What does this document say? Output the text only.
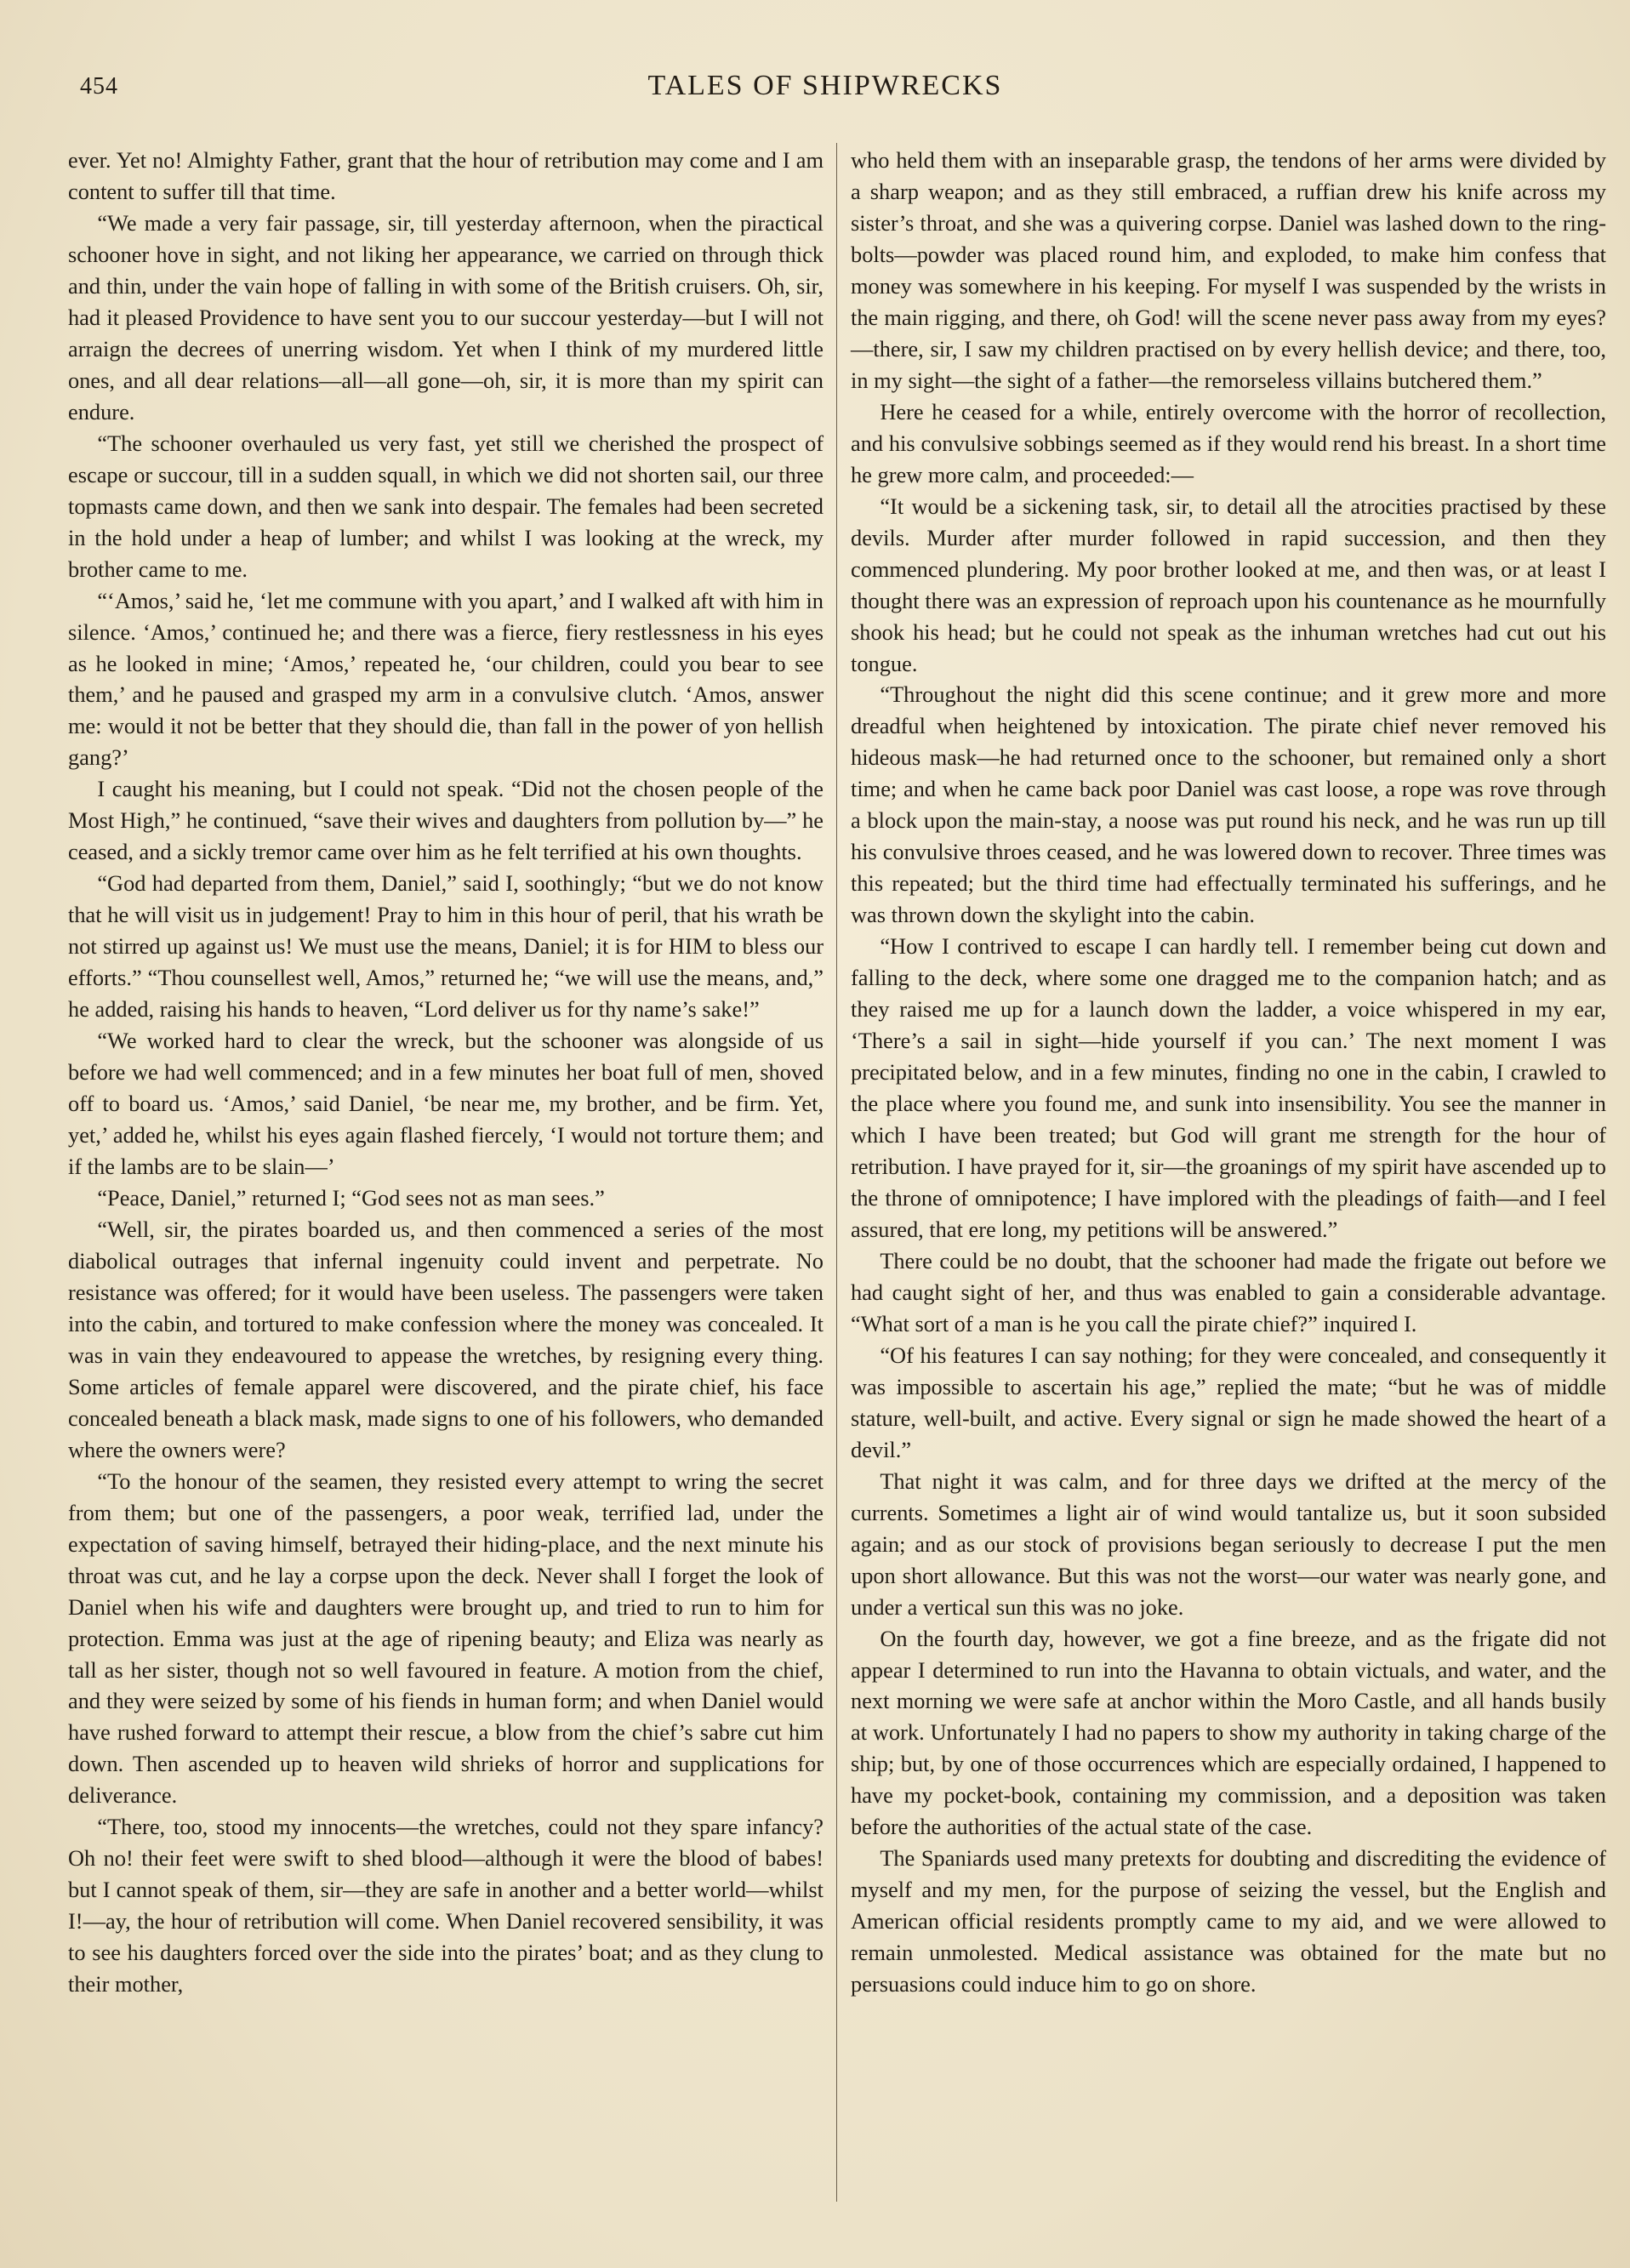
454	TALES OF SHIPWRECKS

ever. Yet no! Almighty Father, grant that the hour of retribution may come and I am content to suffer till that time.

“We made a very fair passage, sir, till yesterday afternoon, when the piractical schooner hove in sight, and not liking her appearance, we carried on through thick and thin, under the vain hope of falling in with some of the British cruisers. Oh, sir, had it pleased Providence to have sent you to our succour yesterday—but I will not arraign the decrees of unerring wisdom. Yet when I think of my murdered little ones, and all dear relations—all—all gone—oh, sir, it is more than my spirit can endure.

“The schooner overhauled us very fast, yet still we cherished the prospect of escape or succour, till in a sudden squall, in which we did not shorten sail, our three topmasts came down, and then we sank into despair. The females had been secreted in the hold under a heap of lumber; and whilst I was looking at the wreck, my brother came to me.

“‘Amos,’ said he, ‘let me commune with you apart,’ and I walked aft with him in silence. ‘Amos,’ continued he; and there was a fierce, fiery restlessness in his eyes as he looked in mine; ‘Amos,’ repeated he, ‘our children, could you bear to see them,’ and he paused and grasped my arm in a convulsive clutch. ‘Amos, answer me: would it not be better that they should die, than fall in the power of yon hellish gang?’

I caught his meaning, but I could not speak. “Did not the chosen people of the Most High,” he continued, “save their wives and daughters from pollution by—” he ceased, and a sickly tremor came over him as he felt terrified at his own thoughts.

“God had departed from them, Daniel,” said I, soothingly; “but we do not know that he will visit us in judgement! Pray to him in this hour of peril, that his wrath be not stirred up against us! We must use the means, Daniel; it is for HIM to bless our efforts.” “Thou counsellest well, Amos,” returned he; “we will use the means, and,” he added, raising his hands to heaven, “Lord deliver us for thy name’s sake!”

“We worked hard to clear the wreck, but the schooner was alongside of us before we had well commenced; and in a few minutes her boat full of men, shoved off to board us. ‘Amos,’ said Daniel, ‘be near me, my brother, and be firm. Yet, yet,’ added he, whilst his eyes again flashed fiercely, ‘I would not torture them; and if the lambs are to be slain—’

“Peace, Daniel,” returned I; “God sees not as man sees.”

“Well, sir, the pirates boarded us, and then commenced a series of the most diabolical outrages that infernal ingenuity could invent and perpetrate. No resistance was offered; for it would have been useless. The passengers were taken into the cabin, and tortured to make confession where the money was concealed. It was in vain they endeavoured to appease the wretches, by resigning every thing. Some articles of female apparel were discovered, and the pirate chief, his face concealed beneath a black mask, made signs to one of his followers, who demanded where the owners were?

“To the honour of the seamen, they resisted every attempt to wring the secret from them; but one of the passengers, a poor weak, terrified lad, under the expectation of saving himself, betrayed their hiding-place, and the next minute his throat was cut, and he lay a corpse upon the deck. Never shall I forget the look of Daniel when his wife and daughters were brought up, and tried to run to him for protection. Emma was just at the age of ripening beauty; and Eliza was nearly as tall as her sister, though not so well favoured in feature. A motion from the chief, and they were seized by some of his fiends in human form; and when Daniel would have rushed forward to attempt their rescue, a blow from the chief’s sabre cut him down. Then ascended up to heaven wild shrieks of horror and supplications for deliverance.

“There, too, stood my innocents—the wretches, could not they spare infancy? Oh no! their feet were swift to shed blood—although it were the blood of babes! but I cannot speak of them, sir—they are safe in another and a better world—whilst I!—ay, the hour of retribution will come. When Daniel recovered sensibility, it was to see his daughters forced over the side into the pirates’ boat; and as they clung to their mother,

who held them with an inseparable grasp, the tendons of her arms were divided by a sharp weapon; and as they still embraced, a ruffian drew his knife across my sister’s throat, and she was a quivering corpse. Daniel was lashed down to the ring-bolts—powder was placed round him, and exploded, to make him confess that money was somewhere in his keeping. For myself I was suspended by the wrists in the main rigging, and there, oh God! will the scene never pass away from my eyes?—there, sir, I saw my children practised on by every hellish device; and there, too, in my sight—the sight of a father—the remorseless villains butchered them.”

Here he ceased for a while, entirely overcome with the horror of recollection, and his convulsive sobbings seemed as if they would rend his breast. In a short time he grew more calm, and proceeded:—

“It would be a sickening task, sir, to detail all the atrocities practised by these devils. Murder after murder followed in rapid succession, and then they commenced plundering. My poor brother looked at me, and then was, or at least I thought there was an expression of reproach upon his countenance as he mournfully shook his head; but he could not speak as the inhuman wretches had cut out his tongue.

“Throughout the night did this scene continue; and it grew more and more dreadful when heightened by intoxication. The pirate chief never removed his hideous mask—he had returned once to the schooner, but remained only a short time; and when he came back poor Daniel was cast loose, a rope was rove through a block upon the main-stay, a noose was put round his neck, and he was run up till his convulsive throes ceased, and he was lowered down to recover. Three times was this repeated; but the third time had effectually terminated his sufferings, and he was thrown down the skylight into the cabin.

“How I contrived to escape I can hardly tell. I remember being cut down and falling to the deck, where some one dragged me to the companion hatch; and as they raised me up for a launch down the ladder, a voice whispered in my ear, ‘There’s a sail in sight—hide yourself if you can.’ The next moment I was precipitated below, and in a few minutes, finding no one in the cabin, I crawled to the place where you found me, and sunk into insensibility. You see the manner in which I have been treated; but God will grant me strength for the hour of retribution. I have prayed for it, sir—the groanings of my spirit have ascended up to the throne of omnipotence; I have implored with the pleadings of faith—and I feel assured, that ere long, my petitions will be answered.”

There could be no doubt, that the schooner had made the frigate out before we had caught sight of her, and thus was enabled to gain a considerable advantage. “What sort of a man is he you call the pirate chief?” inquired I.

“Of his features I can say nothing; for they were concealed, and consequently it was impossible to ascertain his age,” replied the mate; “but he was of middle stature, well-built, and active. Every signal or sign he made showed the heart of a devil.”

That night it was calm, and for three days we drifted at the mercy of the currents. Sometimes a light air of wind would tantalize us, but it soon subsided again; and as our stock of provisions began seriously to decrease I put the men upon short allowance. But this was not the worst—our water was nearly gone, and under a vertical sun this was no joke.

On the fourth day, however, we got a fine breeze, and as the frigate did not appear I determined to run into the Havanna to obtain victuals, and water, and the next morning we were safe at anchor within the Moro Castle, and all hands busily at work. Unfortunately I had no papers to show my authority in taking charge of the ship; but, by one of those occurrences which are especially ordained, I happened to have my pocket-book, containing my commission, and a deposition was taken before the authorities of the actual state of the case.

The Spaniards used many pretexts for doubting and discrediting the evidence of myself and my men, for the purpose of seizing the vessel, but the English and American official residents promptly came to my aid, and we were allowed to remain unmolested. Medical assistance was obtained for the mate but no persuasions could induce him to go on shore.
